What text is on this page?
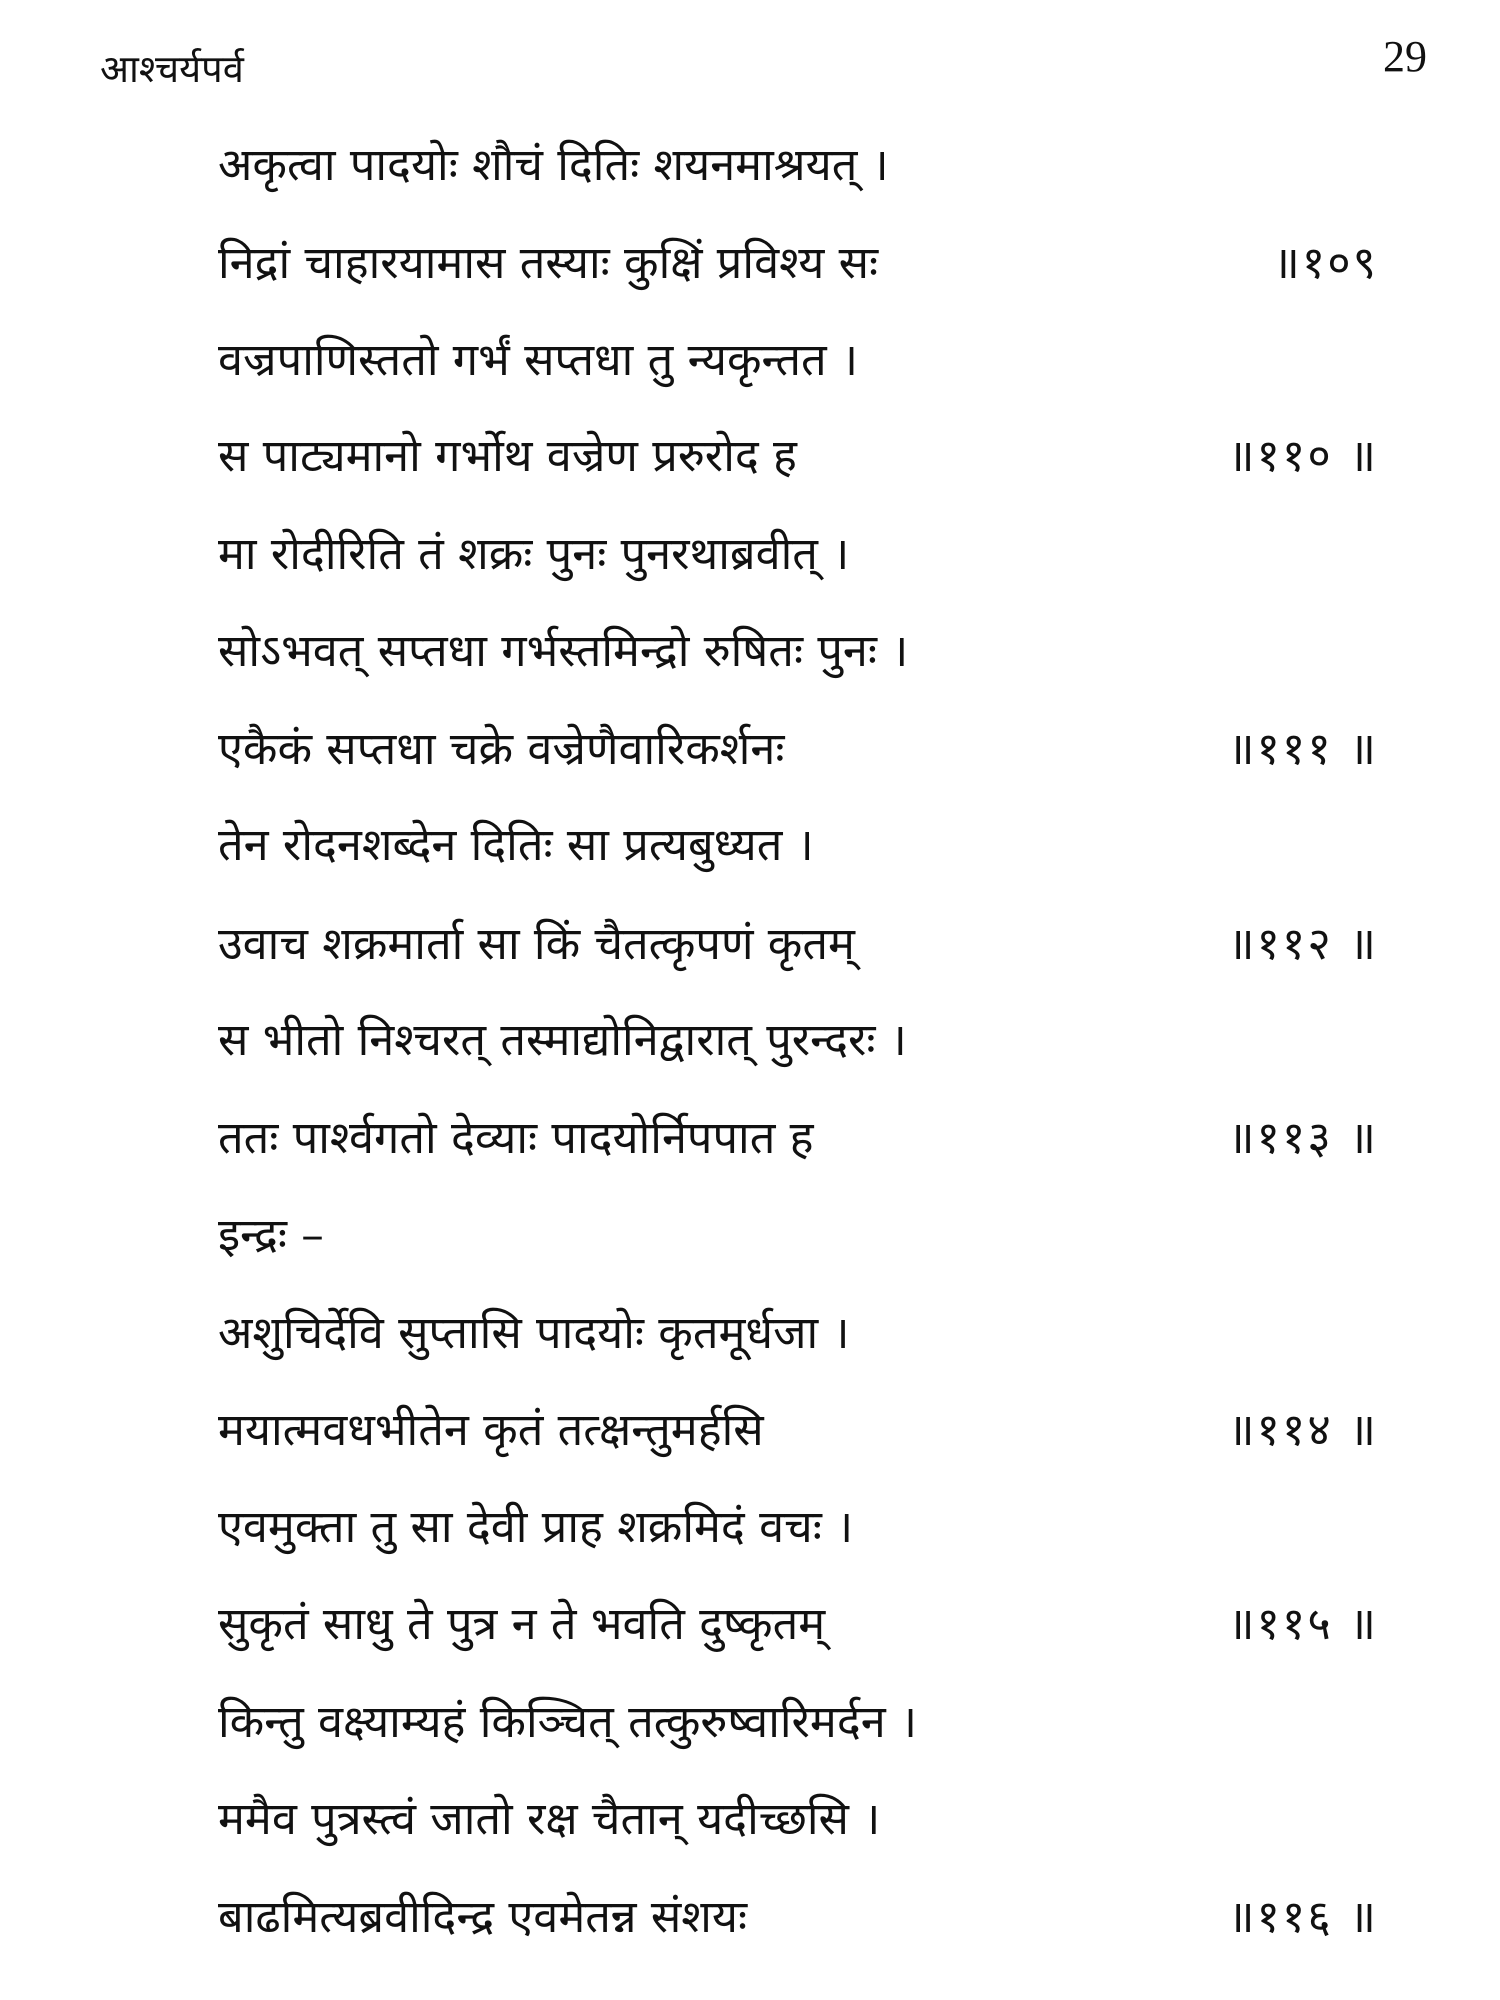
आश्चर्यपर्व	29
अकृत्वा पादयोः शौचं दितिः शयनमाश्रयत् ।
निद्रां चाहारयामास तस्याः कुक्षिं प्रविश्य सः	॥१०९
वज्रपाणिस्ततो गर्भं सप्तधा तु न्यकृन्तत ।
स पाट्यमानो गर्भोथ वज्रेण प्ररुरोद ह	॥११० ॥
मा रोदीरिति तं शक्रः पुनः पुनरथाब्रवीत् ।
सोऽभवत् सप्तधा गर्भस्तमिन्द्रो रुषितः पुनः ।
एकैकं सप्तधा चक्रे वज्रेणैवारिकर्शनः	॥१११ ॥
तेन रोदनशब्देन दितिः सा प्रत्यबुध्यत ।
उवाच शक्रमार्ता सा किं चैतत्कृपणं कृतम्	॥११२ ॥
स भीतो निश्चरत् तस्माद्योनिद्वारात् पुरन्दरः ।
ततः पार्श्वगतो देव्याः पादयोर्निपपात ह	॥११३ ॥
इन्द्रः –
अशुचिर्देवि सुप्तासि पादयोः कृतमूर्धजा ।
मयात्मवधभीतेन कृतं तत्क्षन्तुमर्हसि	॥११४ ॥
एवमुक्ता तु सा देवी प्राह शक्रमिदं वचः ।
सुकृतं साधु ते पुत्र न ते भवति दुष्कृतम्	॥११५ ॥
किन्तु वक्ष्याम्यहं किञ्चित् तत्कुरुष्वारिमर्दन ।
ममैव पुत्रस्त्वं जातो रक्ष चैतान् यदीच्छसि ।
बाढमित्यब्रवीदिन्द्र एवमेतन्न संशयः	॥११६ ॥
